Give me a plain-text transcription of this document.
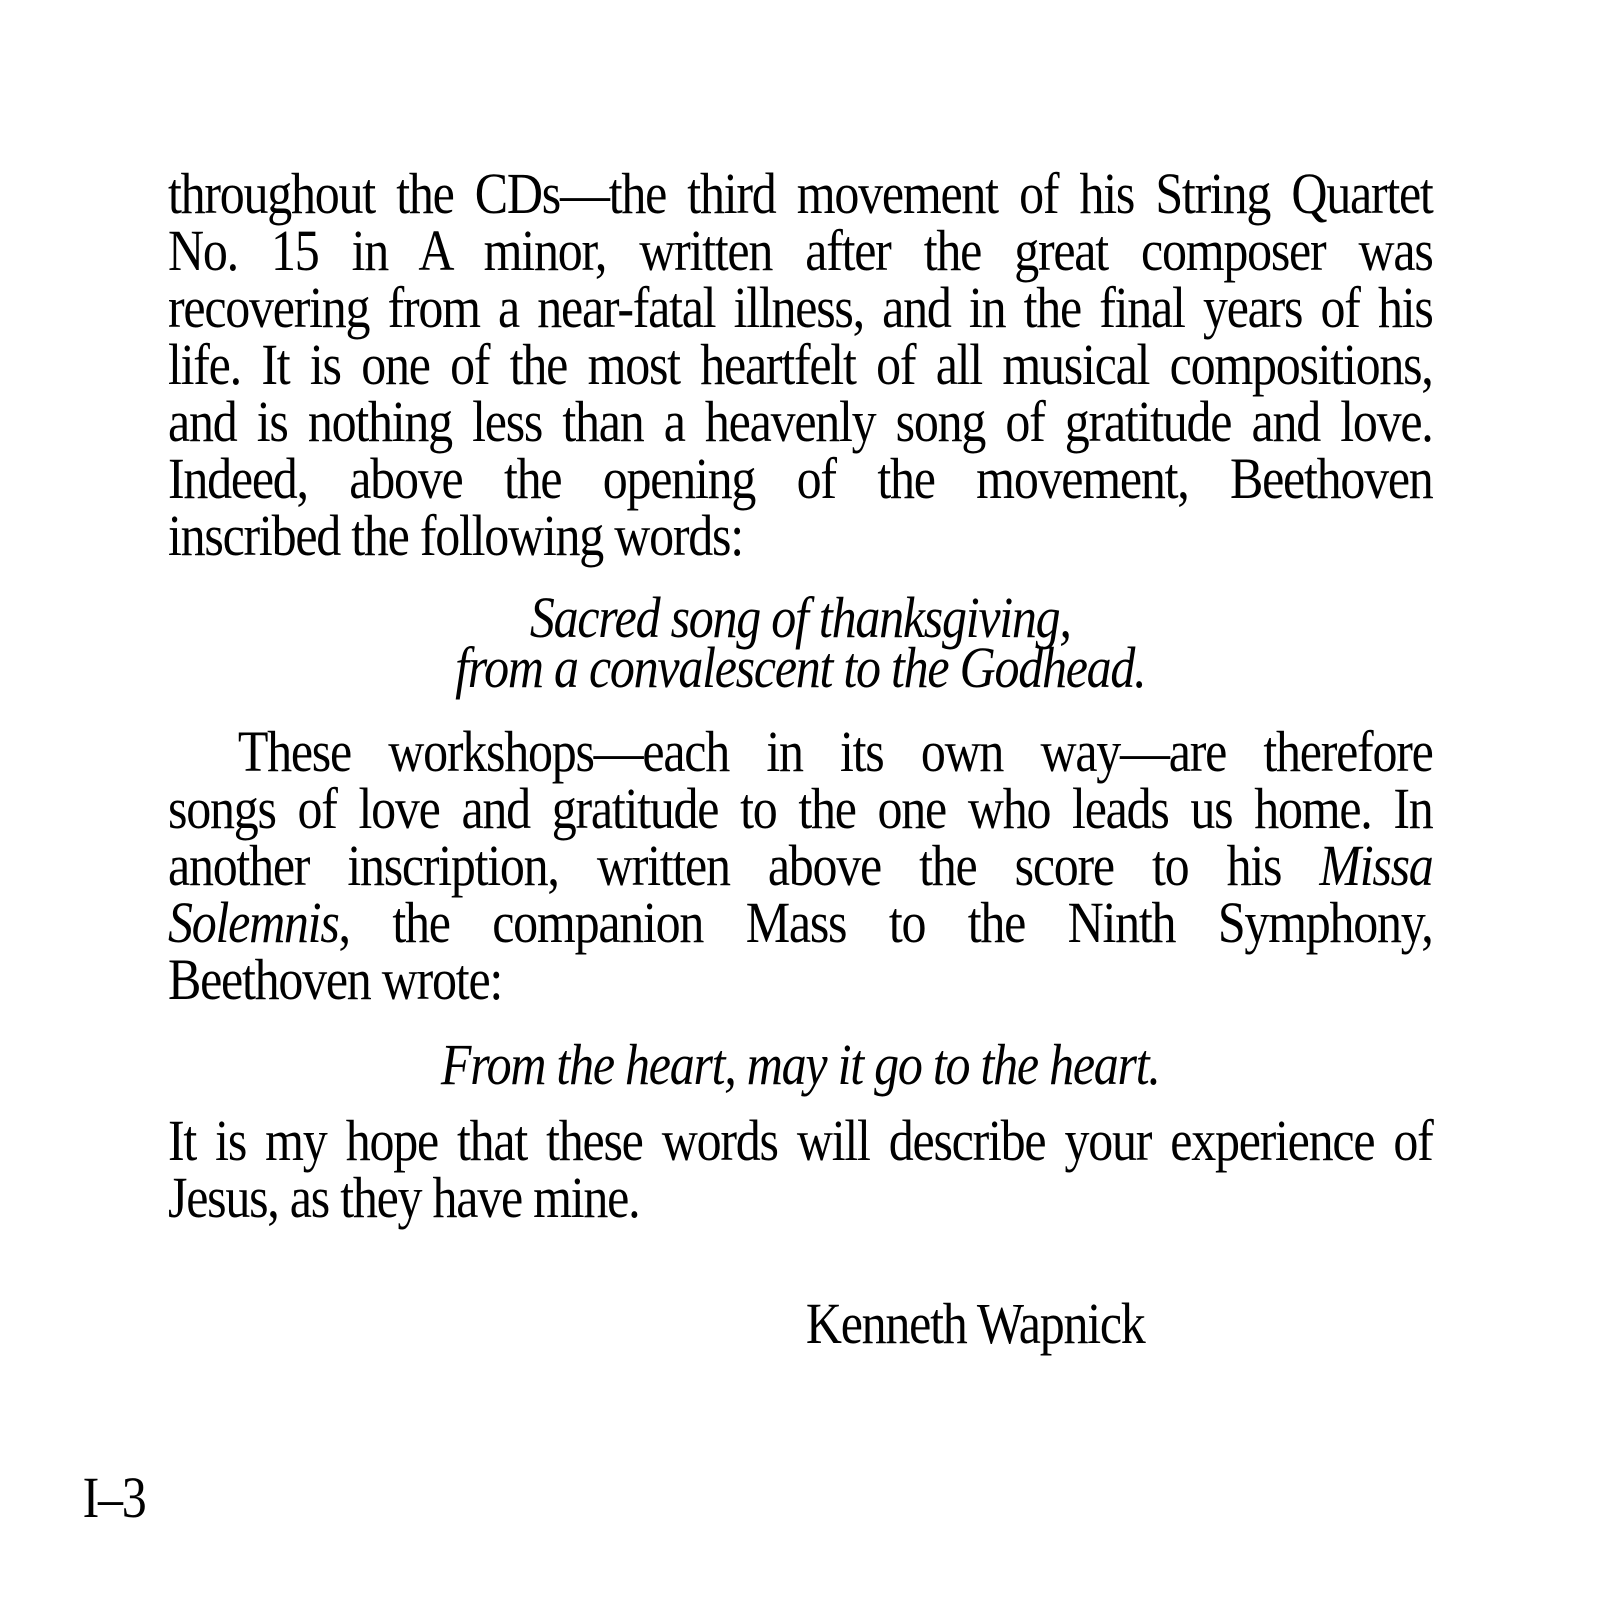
throughout the CDs—the third movement of his String Quartet
No. 15 in A minor, written after the great composer was
recovering from a near-fatal illness, and in the final years of his
life. It is one of the most heartfelt of all musical compositions,
and is nothing less than a heavenly song of gratitude and love.
Indeed, above the opening of the movement, Beethoven
inscribed the following words:
Sacred song of thanksgiving,
from a convalescent to the Godhead.
These workshops—each in its own way—are therefore
songs of love and gratitude to the one who leads us home. In
another inscription, written above the score to his Missa
Solemnis, the companion Mass to the Ninth Symphony,
Beethoven wrote:
From the heart, may it go to the heart.
It is my hope that these words will describe your experience of
Jesus, as they have mine.
Kenneth Wapnick
I–3
